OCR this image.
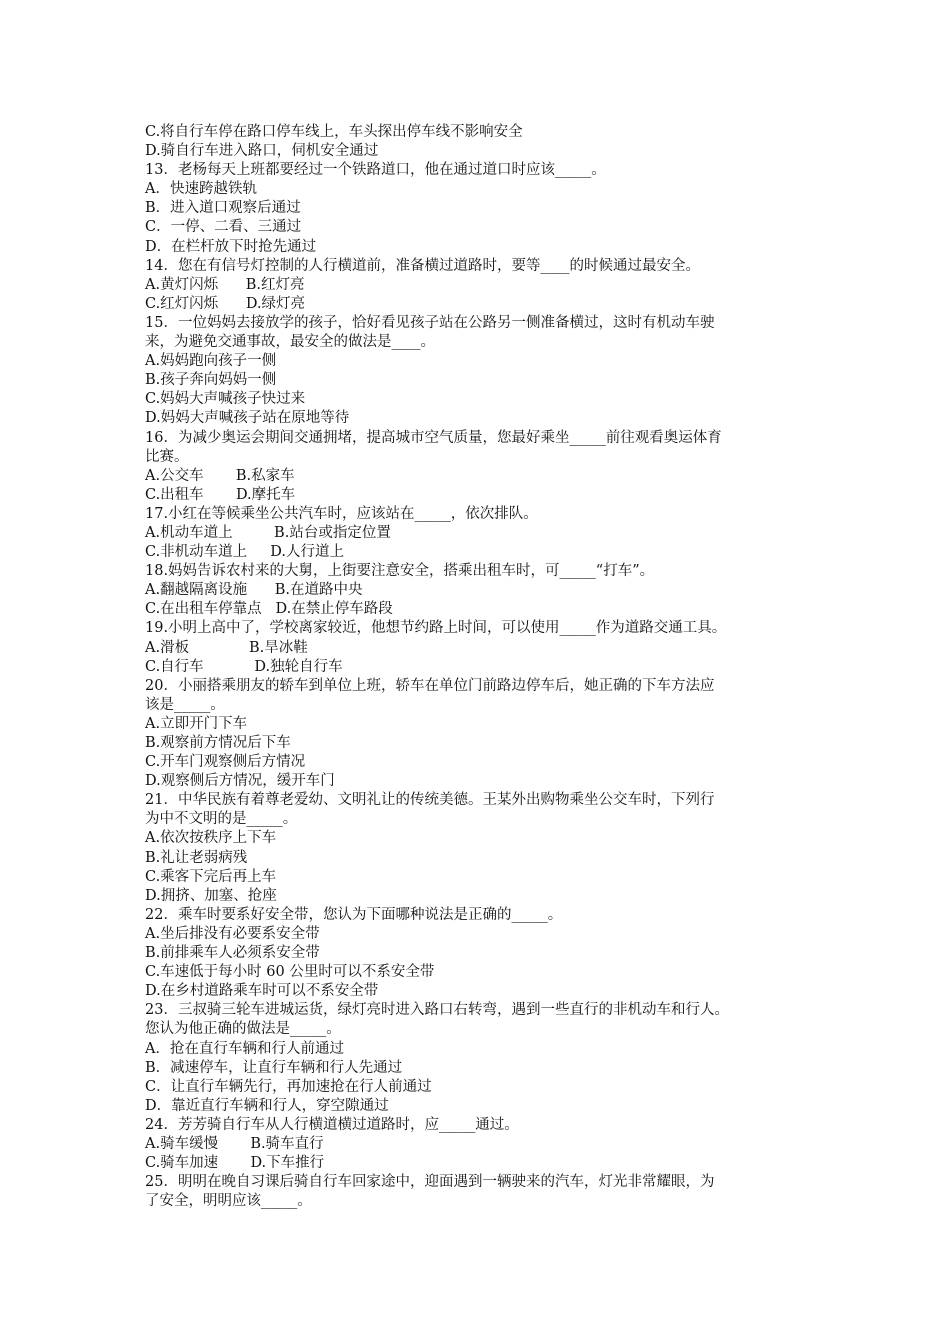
C.将自行车停在路口停车线上，车头探出停车线不影响安全
D.骑自行车进入路口，伺机安全通过
13．老杨每天上班都要经过一个铁路道口，他在通过道口时应该_____。
A．快速跨越铁轨
B．进入道口观察后通过
C．一停、二看、三通过
D．在栏杆放下时抢先通过
14．您在有信号灯控制的人行横道前，准备横过道路时，要等____的时候通过最安全。
A.黄灯闪烁      B.红灯亮
C.红灯闪烁      D.绿灯亮
15．一位妈妈去接放学的孩子，恰好看见孩子站在公路另一侧准备横过，这时有机动车驶
来，为避免交通事故，最安全的做法是____。
A.妈妈跑向孩子一侧
B.孩子奔向妈妈一侧
C.妈妈大声喊孩子快过来
D.妈妈大声喊孩子站在原地等待
16．为减少奥运会期间交通拥堵，提高城市空气质量，您最好乘坐_____前往观看奥运体育
比赛。
A.公交车       B.私家车
C.出租车       D.摩托车
17.小红在等候乘坐公共汽车时，应该站在_____，依次排队。
A.机动车道上         B.站台或指定位置
C.非机动车道上     D.人行道上
18.妈妈告诉农村来的大舅，上街要注意安全，搭乘出租车时，可_____“打车”。
A.翻越隔离设施      B.在道路中央
C.在出租车停靠点   D.在禁止停车路段
19.小明上高中了，学校离家较近，他想节约路上时间，可以使用_____作为道路交通工具。
A.滑板             B.旱冰鞋
C.自行车           D.独轮自行车
20．小丽搭乘朋友的轿车到单位上班，轿车在单位门前路边停车后，她正确的下车方法应
该是_____。
A.立即开门下车
B.观察前方情况后下车
C.开车门观察侧后方情况
D.观察侧后方情况，缓开车门
21．中华民族有着尊老爱幼、文明礼让的传统美德。王某外出购物乘坐公交车时，下列行
为中不文明的是_____。
A.依次按秩序上下车
B.礼让老弱病残
C.乘客下完后再上车
D.拥挤、加塞、抢座
22．乘车时要系好安全带，您认为下面哪种说法是正确的_____。
A.坐后排没有必要系安全带
B.前排乘车人必须系安全带
C.车速低于每小时 60 公里时可以不系安全带
D.在乡村道路乘车时可以不系安全带
23．三叔骑三轮车进城运货，绿灯亮时进入路口右转弯，遇到一些直行的非机动车和行人。
您认为他正确的做法是_____。
A．抢在直行车辆和行人前通过
B．减速停车，让直行车辆和行人先通过
C．让直行车辆先行，再加速抢在行人前通过
D．靠近直行车辆和行人，穿空隙通过
24．芳芳骑自行车从人行横道横过道路时，应_____通过。
A.骑车缓慢       B.骑车直行
C.骑车加速       D.下车推行
25．明明在晚自习课后骑自行车回家途中，迎面遇到一辆驶来的汽车，灯光非常耀眼，为
了安全，明明应该_____。
